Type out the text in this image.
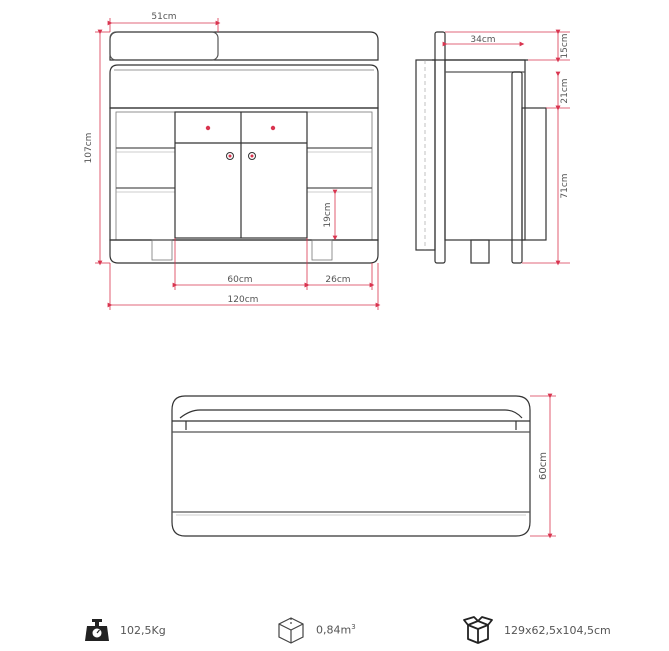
51cm
107cm
19cm
60cm	26cm
120cm
34cm	15cm
21cm
71cm
60cm
102,5Kg	$0,84m^3$	129x62,5x104,5cm
